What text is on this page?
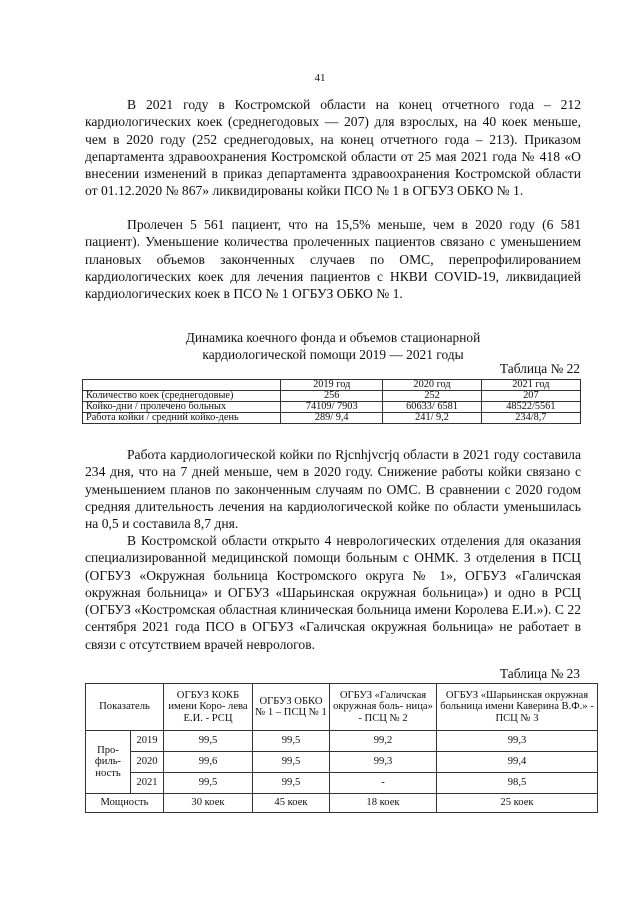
41

В 2021 году в Костромской области на конец отчетного года – 212 кардиологических коек (среднегодовых — 207) для взрослых, на 40 коек меньше, чем в 2020 году (252 среднегодовых, на конец отчетного года – 213). Приказом департамента здравоохранения Костромской области от 25 мая 2021 года № 418 «О внесении изменений в приказ департамента здравоохранения Костромской области от 01.12.2020 № 867» ликвидированы койки ПСО № 1 в ОГБУЗ ОБКО № 1.

Пролечен 5 561 пациент, что на 15,5% меньше, чем в 2020 году (6 581 пациент). Уменьшение количества пролеченных пациентов связано с уменьшением плановых объемов законченных случаев по ОМС, перепрофилированием кардиологических коек для лечения пациентов с НКВИ COVID-19, ликвидацией кардиологических коек в ПСО № 1 ОГБУЗ ОБКО № 1.

Динамика коечного фонда и объемов стационарной
кардиологической помощи 2019 — 2021 годы
Таблица № 22
	2019 год	2020 год	2021 год
Количество коек (среднегодовые)	256	252	207
Койко-дни / пролечено больных	74109/ 7903	60633/ 6581	48522/5561
Работа койки / средний койко-день	289/ 9,4	241/ 9,2	234/8,7

Работа кардиологической койки по Rjcnhjvcrjq области в 2021 году составила 234 дня, что на 7 дней меньше, чем в 2020 году. Снижение работы койки связано с уменьшением планов по законченным случаям по ОМС. В сравнении с 2020 годом средняя длительность лечения на кардиологической койке по области уменьшилась на 0,5 и составила 8,7 дня.

В Костромской области открыто 4 неврологических отделения для оказания специализированной медицинской помощи больным с ОНМК. 3 отделения в ПСЦ (ОГБУЗ «Окружная больница Костромского округа № 1», ОГБУЗ «Галичская окружная больница» и ОГБУЗ «Шарьинская окружная больница») и одно в РСЦ (ОГБУЗ «Костромская областная клиническая больница имени Королева Е.И.»). С 22 сентября 2021 года ПСО в ОГБУЗ «Галичская окружная больница» не работает в связи с отсутствием врачей неврологов.

Таблица № 23
Показатель		ОГБУЗ КОКБ имени Коро- лева Е.И. - РСЦ	ОГБУЗ ОБКО № 1 – ПСЦ № 1	ОГБУЗ «Галичская окружная боль- ница» - ПСЦ № 2	ОГБУЗ «Шарьинская окружная больница имени Каверина В.Ф.» - ПСЦ № 3
Про- филь- ность	2019	99,5	99,5	99,2	99,3
	2020	99,6	99,5	99,3	99,4
	2021	99,5	99,5	-	98,5
Мощность		30 коек	45 коек	18 коек	25 коек
